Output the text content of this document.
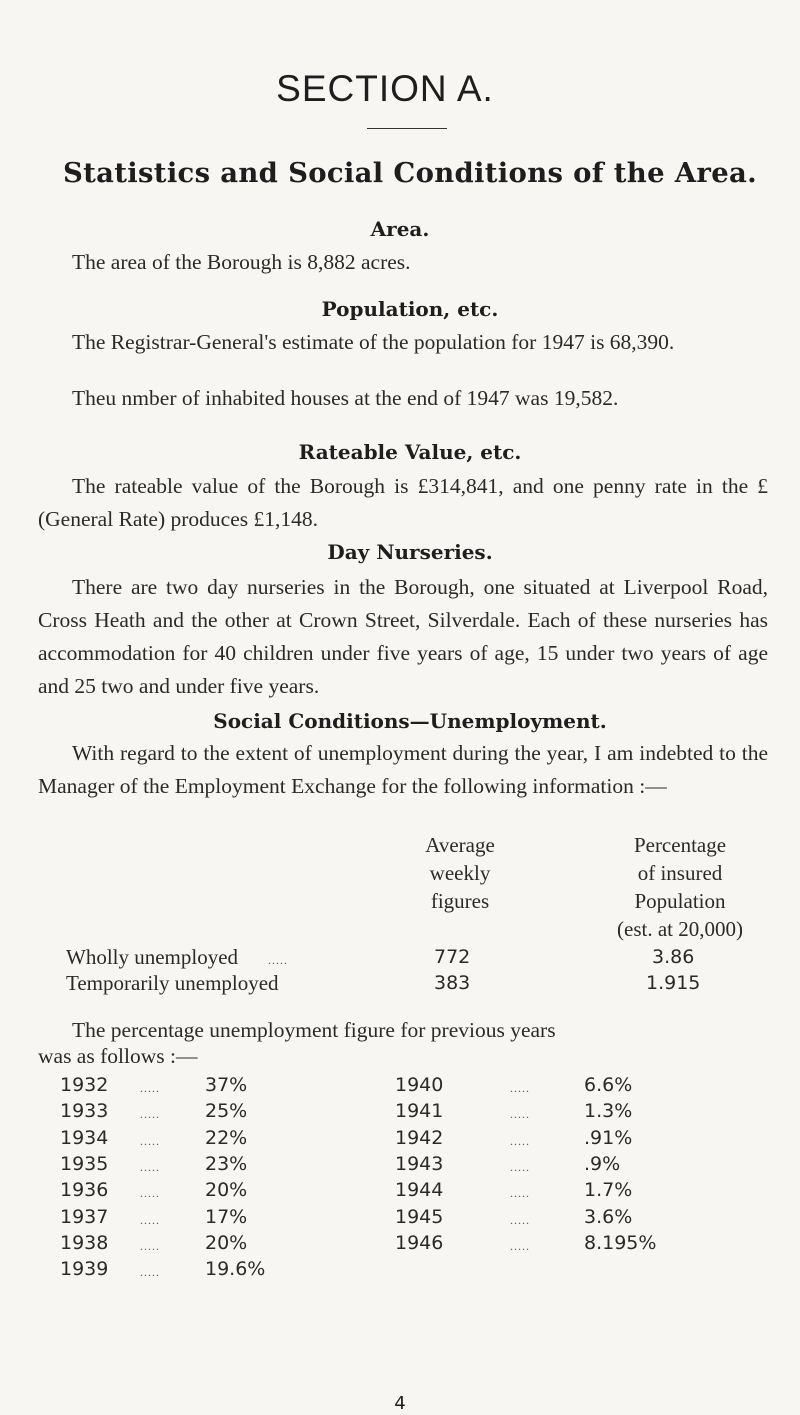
SECTION A.
Statistics and Social Conditions of the Area.
Area.
The area of the Borough is 8,882 acres.
Population, etc.
The Registrar-General's estimate of the population for 1947 is 68,390.
Theu nmber of inhabited houses at the end of 1947 was 19,582.
Rateable Value, etc.
The rateable value of the Borough is £314,841, and one penny rate in the £ (General Rate) produces £1,148.
Day Nurseries.
There are two day nurseries in the Borough, one situated at Liverpool Road, Cross Heath and the other at Crown Street, Silverdale. Each of these nurseries has accommodation for 40 children under five years of age, 15 under two years of age and 25 two and under five years.
Social Conditions—Unemployment.
With regard to the extent of unemployment during the year, I am indebted to the Manager of the Employment Exchange for the following information :—
Average
weekly
figures
Percentage
of insured
Population
(est. at 20,000)
Wholly unemployed .....	772	3.86
Temporarily unemployed	383	1.915
The percentage unemployment figure for previous years
was as follows :—
1932	..... 37%
1933	..... 25%
1934	..... 22%
1935	..... 23%
1936	..... 20%
1937	..... 17%
1938	..... 20%
1939	..... 19.6%
1940	.....	6.6%
1941	.....	1.3%
1942	.....	.91%
1943	.....	.9%
1944	.....	1.7%
1945	.....	3.6%
1946	.....	8.195%
4
